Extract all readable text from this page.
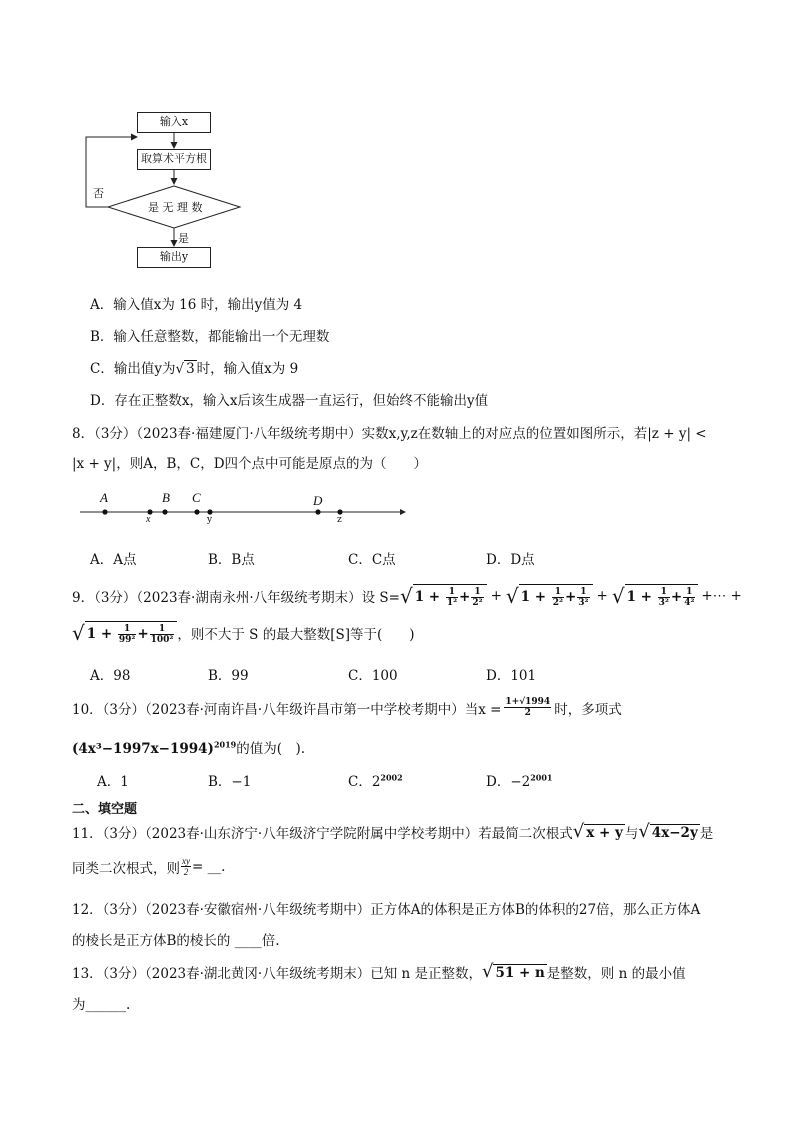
输入x
取算术平方根
是 无 理 数
否
是
输出y
A．输入值x为 16 时，输出y值为 4
B．输入任意整数，都能输出一个无理数
C．输出值y为√ 3 时，输入值x为 9
D．存在正整数x，输入x后该生成器一直运行，但始终不能输出y值
8．（3分）（2023春·福建厦门·八年级统考期中）实数x,y,z在数轴上的对应点的位置如图所示，若|z + y| <
|x + y|，则A，B，C，D四个点中可能是原点的为（　　）
A	B C	D
x	y	z
A．A点	B．B点	C．C点	D．D点
9．（3分）（2023春·湖南永州·八年级统考期末）设 S= √ $1 + \frac{1}{\text{1²}} + \frac{1}{\text{2²}}$ + √ $1 + \frac{1}{\text{2²}} + \frac{1}{\text{3²}}$ + √ $1 + \frac{1}{\text{3²}} + \frac{1}{\text{4²}}$ +⋯ +
√ $1 + \frac{1}{\text{99²}} + \frac{1}{\text{100²}}$ ，则不大于 S 的最大整数[S]等于(　　)
A．98	B．99	C．100	D．101
10．（3分）（2023春·河南许昌·八年级许昌市第一中学校考期中）当$x = \frac{1+√1994}{2}$ 时，多项式
$(4x^3-1997x-1994)^{2019}$的值为(　).
A．1	B．−1	C．$2^{2002}$	D．$-2^{2001}$
二、填空题
11．（3分）（2023春·山东济宁·八年级济宁学院附属中学校考期中）若最简二次根式 √ x + y 与 √ 4x−2y 是
同类二次根式，则 $\frac{xy}{2}$ = __.
12．（3分）（2023春·安徽宿州·八年级统考期中）正方体A的体积是正方体B的体积的27倍，那么正方体A
的棱长是正方体B的棱长的 ____倍.
13．（3分）（2023春·湖北黄冈·八年级统考期末）已知 n 是正整数， √ 51 + n 是整数，则 n 的最小值
为______.
